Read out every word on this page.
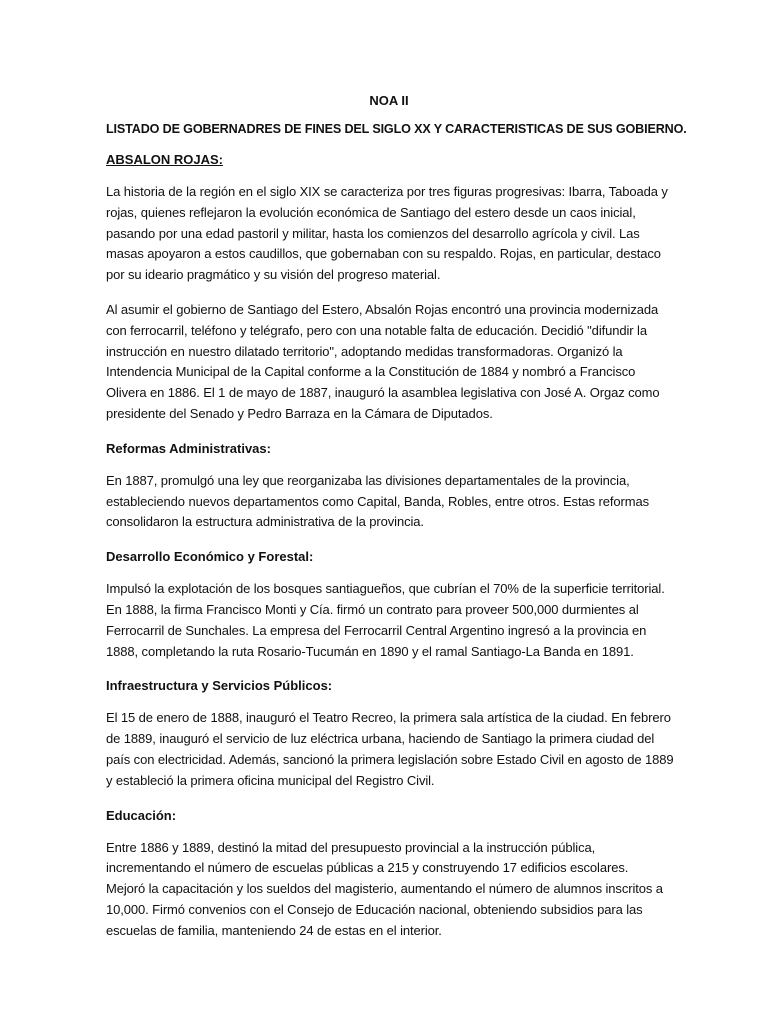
NOA II
LISTADO DE GOBERNADRES DE FINES DEL SIGLO XX Y CARACTERISTICAS DE SUS GOBIERNO.
ABSALON ROJAS:
La historia de la región en el siglo XIX se caracteriza por tres figuras progresivas: Ibarra, Taboada y
rojas, quienes reflejaron la evolución económica de Santiago del estero desde un caos inicial,
pasando por una edad pastoril y militar, hasta los comienzos del desarrollo agrícola y civil. Las
masas apoyaron a estos caudillos, que gobernaban con su respaldo. Rojas, en particular, destaco
por su ideario pragmático y su visión del progreso material.
Al asumir el gobierno de Santiago del Estero, Absalón Rojas encontró una provincia modernizada
con ferrocarril, teléfono y telégrafo, pero con una notable falta de educación. Decidió "difundir la
instrucción en nuestro dilatado territorio", adoptando medidas transformadoras. Organizó la
Intendencia Municipal de la Capital conforme a la Constitución de 1884 y nombró a Francisco
Olivera en 1886. El 1 de mayo de 1887, inauguró la asamblea legislativa con José A. Orgaz como
presidente del Senado y Pedro Barraza en la Cámara de Diputados.
Reformas Administrativas:
En 1887, promulgó una ley que reorganizaba las divisiones departamentales de la provincia,
estableciendo nuevos departamentos como Capital, Banda, Robles, entre otros. Estas reformas
consolidaron la estructura administrativa de la provincia.
Desarrollo Económico y Forestal:
Impulsó la explotación de los bosques santiagueños, que cubrían el 70% de la superficie territorial.
En 1888, la firma Francisco Monti y Cía. firmó un contrato para proveer 500,000 durmientes al
Ferrocarril de Sunchales. La empresa del Ferrocarril Central Argentino ingresó a la provincia en
1888, completando la ruta Rosario-Tucumán en 1890 y el ramal Santiago-La Banda en 1891.
Infraestructura y Servicios Públicos:
El 15 de enero de 1888, inauguró el Teatro Recreo, la primera sala artística de la ciudad. En febrero
de 1889, inauguró el servicio de luz eléctrica urbana, haciendo de Santiago la primera ciudad del
país con electricidad. Además, sancionó la primera legislación sobre Estado Civil en agosto de 1889
y estableció la primera oficina municipal del Registro Civil.
Educación:
Entre 1886 y 1889, destinó la mitad del presupuesto provincial a la instrucción pública,
incrementando el número de escuelas públicas a 215 y construyendo 17 edificios escolares.
Mejoró la capacitación y los sueldos del magisterio, aumentando el número de alumnos inscritos a
10,000. Firmó convenios con el Consejo de Educación nacional, obteniendo subsidios para las
escuelas de familia, manteniendo 24 de estas en el interior.
